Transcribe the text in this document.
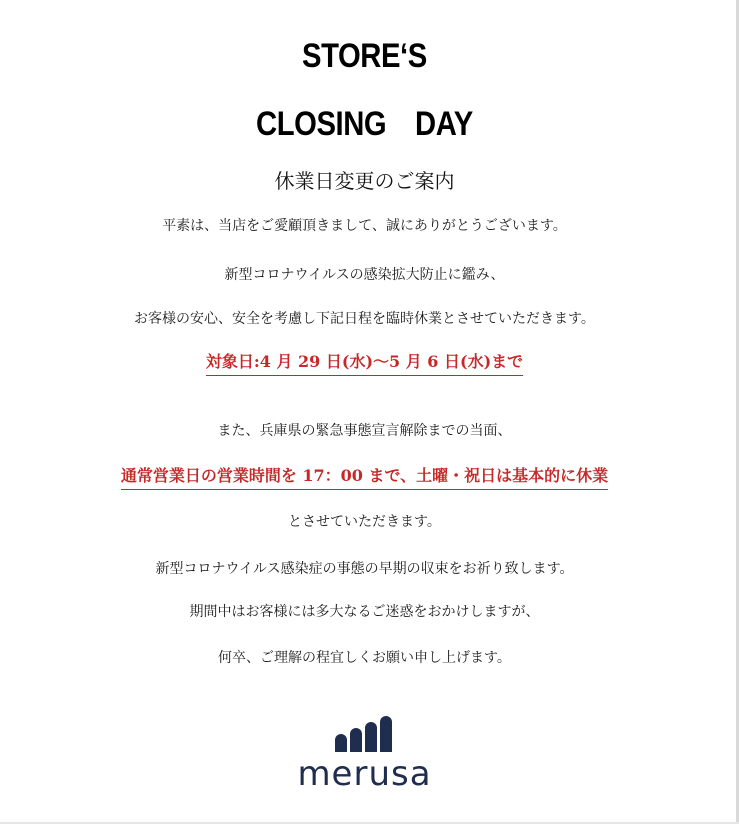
STORE‘S
CLOSING　DAY
休業日変更のご案内
平素は、当店をご愛顧頂きまして、誠にありがとうございます。
新型コロナウイルスの感染拡大防止に鑑み、
お客様の安心、安全を考慮し下記日程を臨時休業とさせていただきます。
対象日:4 月 29 日(水)～5 月 6 日(水)まで
また、兵庫県の緊急事態宣言解除までの当面、
通常営業日の営業時間を 17：00 まで、土曜・祝日は基本的に休業
とさせていただきます。
新型コロナウイルス感染症の事態の早期の収束をお祈り致します。
期間中はお客様には多大なるご迷惑をおかけしますが、
何卒、ご理解の程宜しくお願い申し上げます。
merusa
